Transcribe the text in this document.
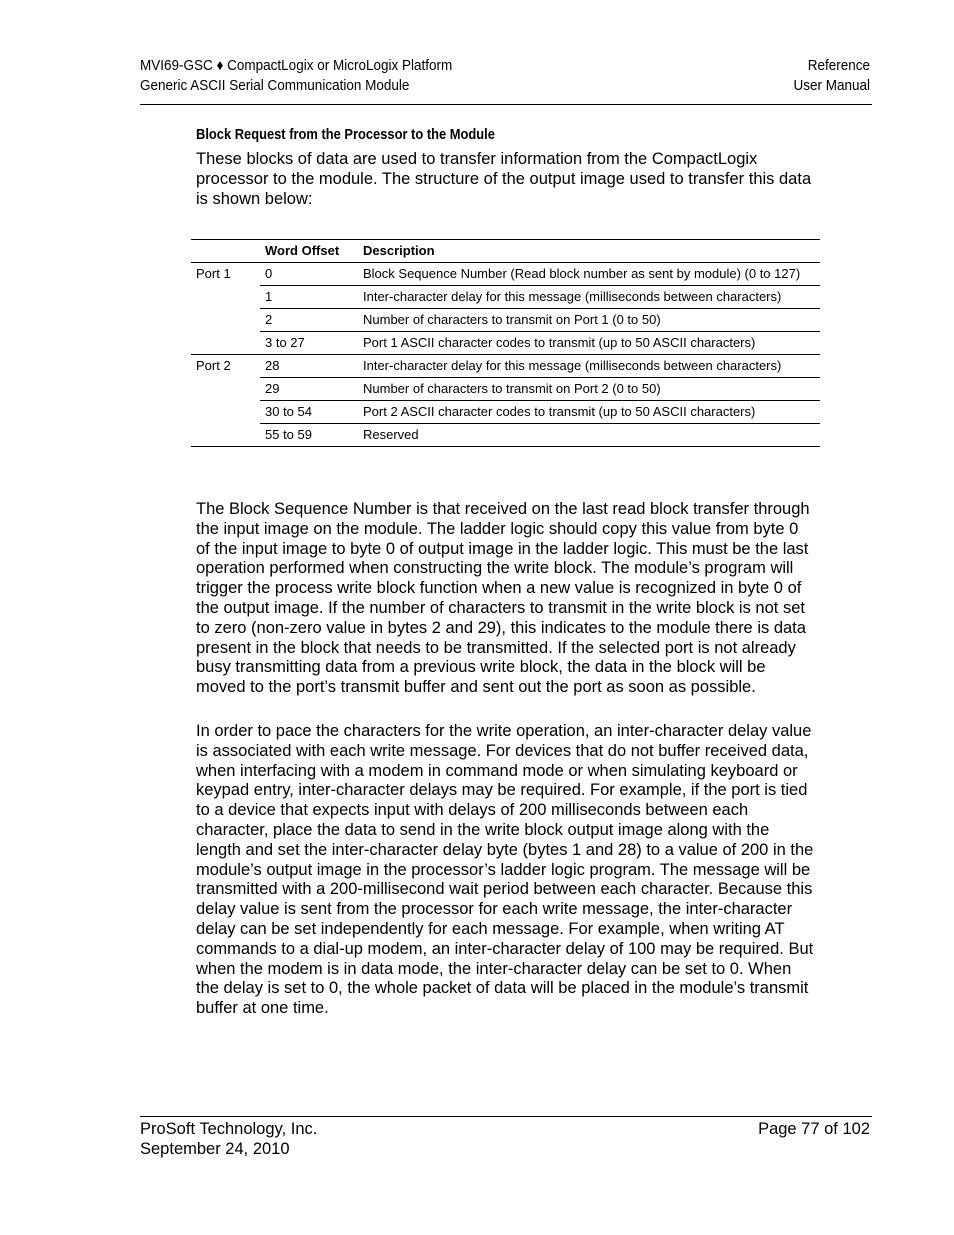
MVI69-GSC ♦ CompactLogix or MicroLogix Platform
Generic ASCII Serial Communication Module
Reference
User Manual
Block Request from the Processor to the Module

These blocks of data are used to transfer information from the CompactLogix processor to the module. The structure of the output image used to transfer this data is shown below:

	Word Offset	Description
Port 1	0	Block Sequence Number (Read block number as sent by module) (0 to 127)
	1	Inter-character delay for this message (milliseconds between characters)
	2	Number of characters to transmit on Port 1 (0 to 50)
	3 to 27	Port 1 ASCII character codes to transmit (up to 50 ASCII characters)
Port 2	28	Inter-character delay for this message (milliseconds between characters)
	29	Number of characters to transmit on Port 2 (0 to 50)
	30 to 54	Port 2 ASCII character codes to transmit (up to 50 ASCII characters)
	55 to 59	Reserved

The Block Sequence Number is that received on the last read block transfer through the input image on the module. The ladder logic should copy this value from byte 0 of the input image to byte 0 of output image in the ladder logic. This must be the last operation performed when constructing the write block. The module’s program will trigger the process write block function when a new value is recognized in byte 0 of the output image. If the number of characters to transmit in the write block is not set to zero (non-zero value in bytes 2 and 29), this indicates to the module there is data present in the block that needs to be transmitted. If the selected port is not already busy transmitting data from a previous write block, the data in the block will be moved to the port’s transmit buffer and sent out the port as soon as possible.

In order to pace the characters for the write operation, an inter-character delay value is associated with each write message. For devices that do not buffer received data, when interfacing with a modem in command mode or when simulating keyboard or keypad entry, inter-character delays may be required. For example, if the port is tied to a device that expects input with delays of 200 milliseconds between each character, place the data to send in the write block output image along with the length and set the inter-character delay byte (bytes 1 and 28) to a value of 200 in the module’s output image in the processor’s ladder logic program. The message will be transmitted with a 200-millisecond wait period between each character. Because this delay value is sent from the processor for each write message, the inter-character delay can be set independently for each message. For example, when writing AT commands to a dial-up modem, an inter-character delay of 100 may be required. But when the modem is in data mode, the inter-character delay can be set to 0. When the delay is set to 0, the whole packet of data will be placed in the module’s transmit buffer at one time.

ProSoft Technology, Inc.
September 24, 2010
Page 77 of 102
